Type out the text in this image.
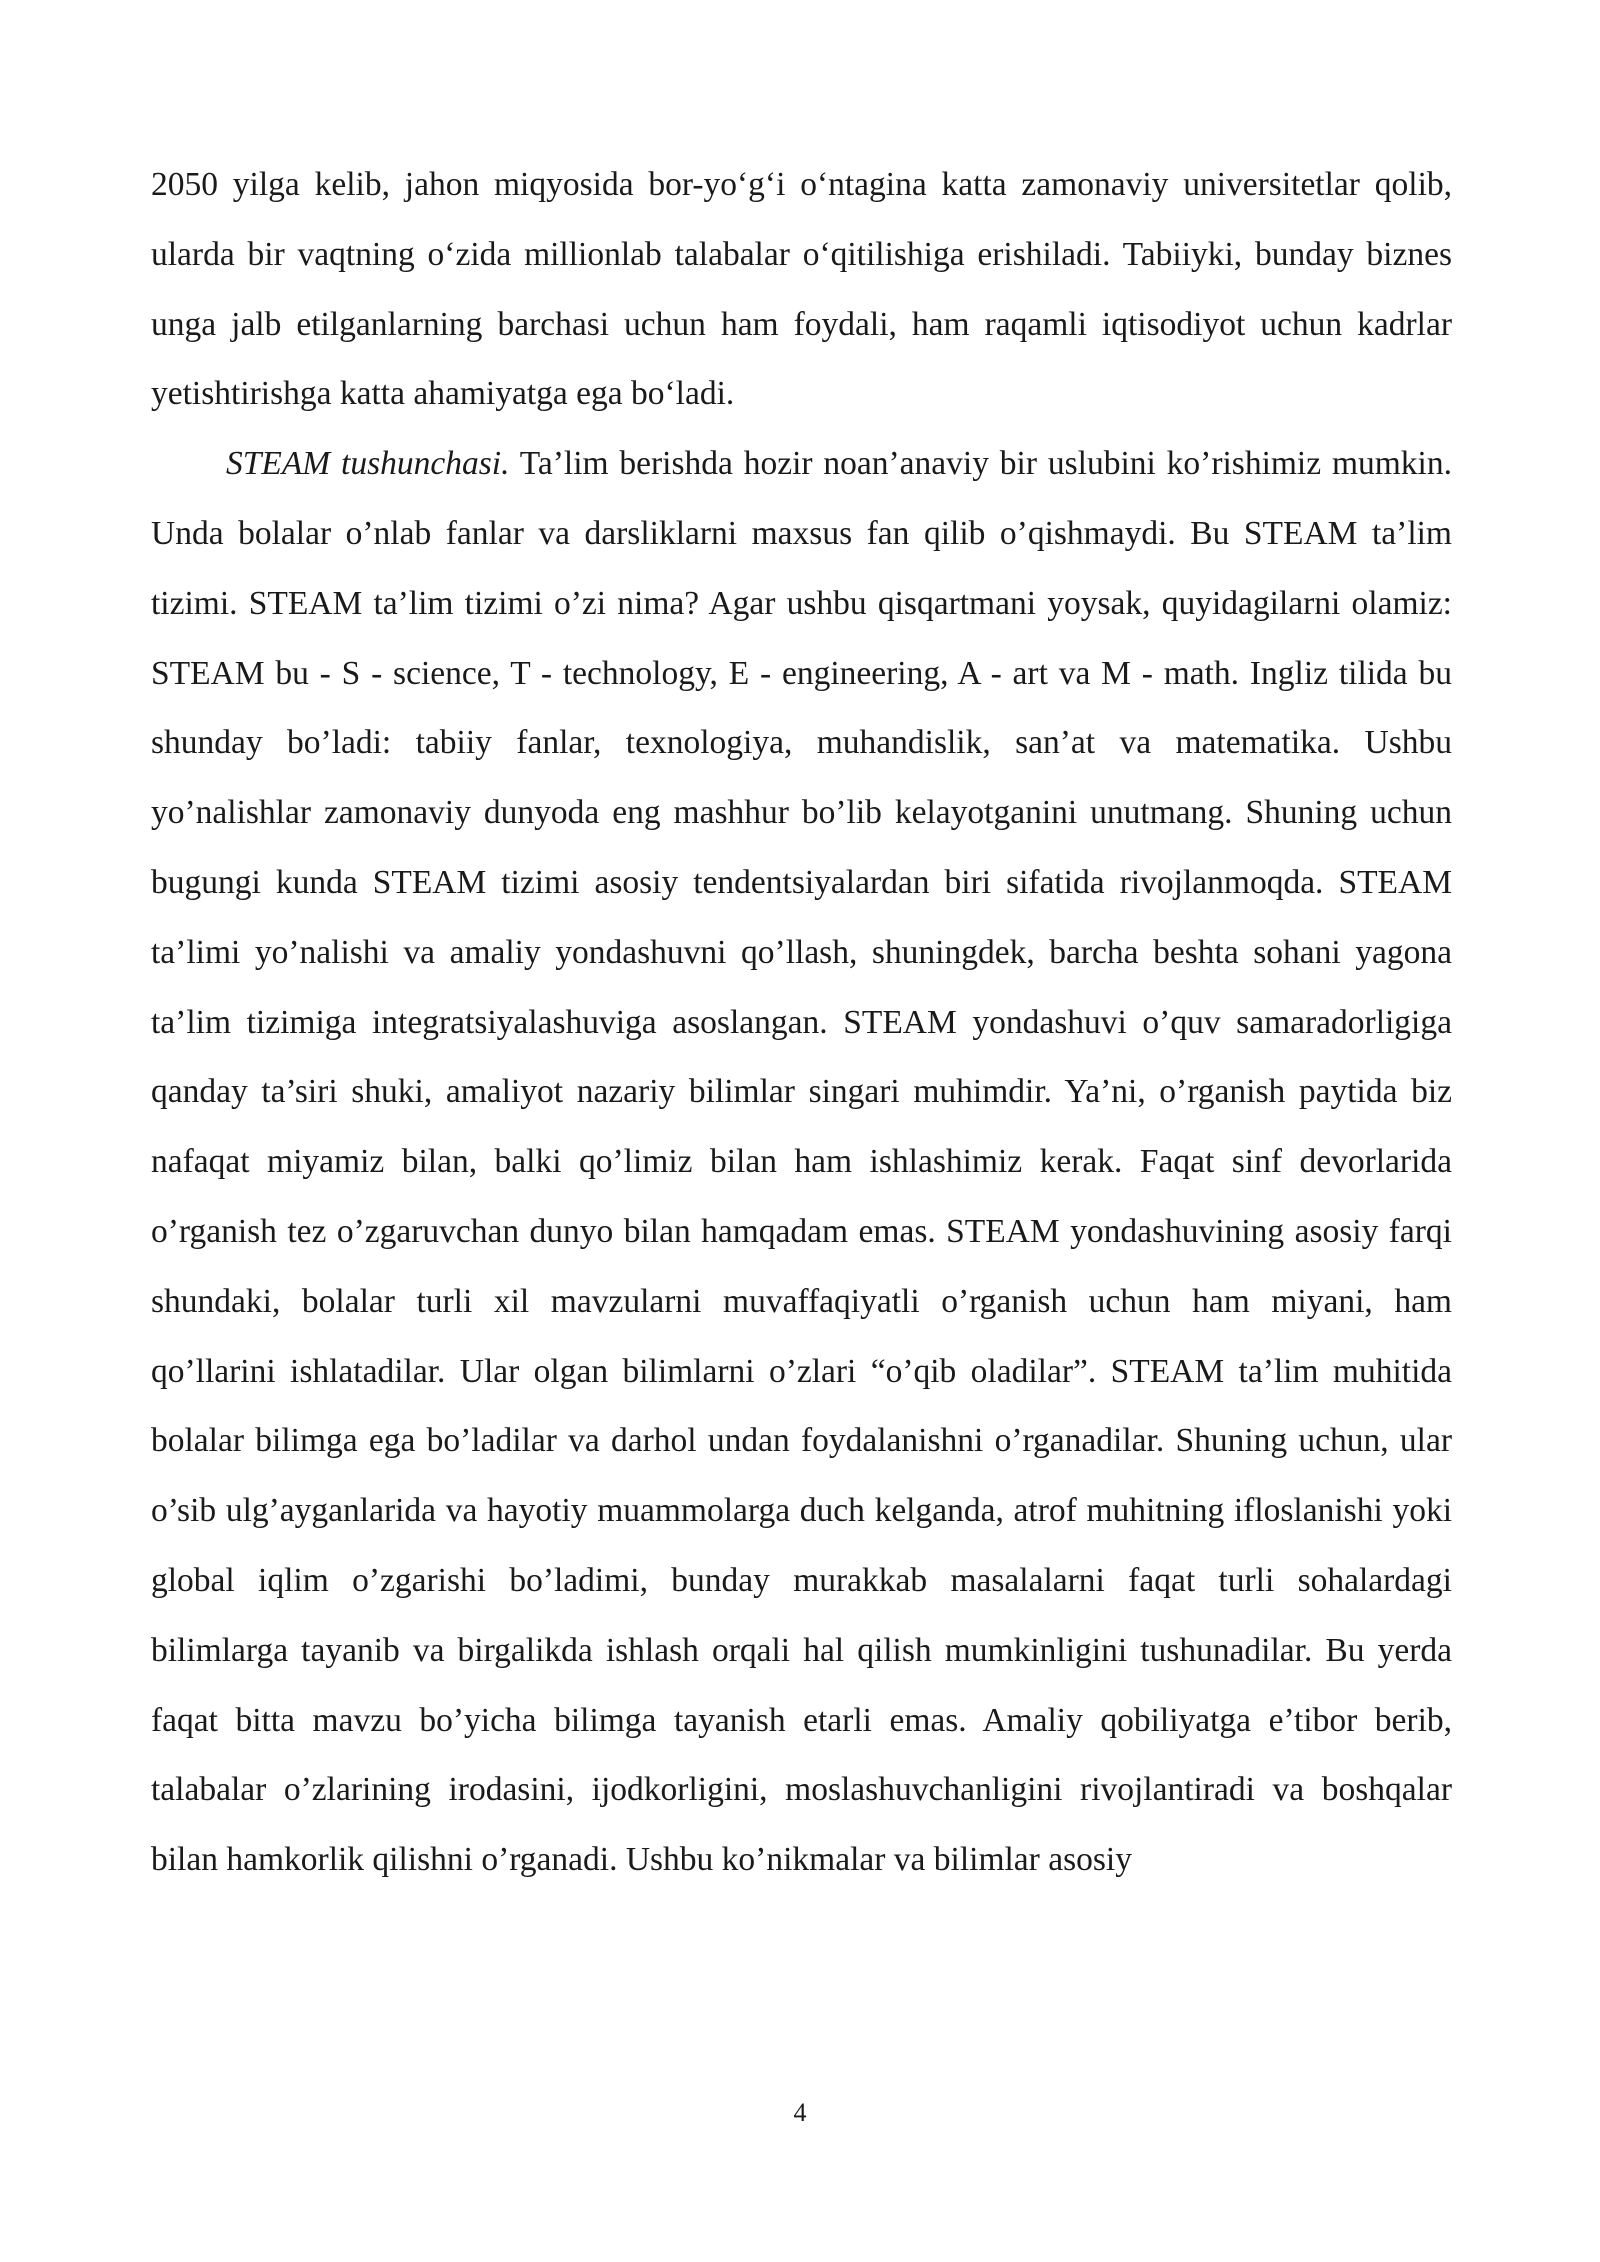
2050 yilga kelib, jahon miqyosida bor-yo‘g‘i o‘ntagina katta zamonaviy universitetlar qolib, ularda bir vaqtning o‘zida millionlab talabalar o‘qitilishiga erishiladi. Tabiiyki, bunday biznes unga jalb etilganlarning barchasi uchun ham foydali, ham raqamli iqtisodiyot uchun kadrlar yetishtirishga katta ahamiyatga ega bo‘ladi.

STEAM tushunchasi. Ta’lim berishda hozir noan’anaviy bir uslubini ko’rishimiz mumkin. Unda bolalar o’nlab fanlar va darsliklarni maxsus fan qilib o’qishmaydi. Bu STEAM ta’lim tizimi. STEAM ta’lim tizimi o’zi nima? Agar ushbu qisqartmani yoysak, quyidagilarni olamiz: STEAM bu - S - science, T - technology, E - engineering, A - art va M - math. Ingliz tilida bu shunday bo’ladi: tabiiy fanlar, texnologiya, muhandislik, san’at va matematika. Ushbu yo’nalishlar zamonaviy dunyoda eng mashhur bo’lib kelayotganini unutmang. Shuning uchun bugungi kunda STEAM tizimi asosiy tendentsiyalardan biri sifatida rivojlanmoqda. STEAM ta’limi yo’nalishi va amaliy yondashuvni qo’llash, shuningdek, barcha beshta sohani yagona ta’lim tizimiga integratsiyalashuviga asoslangan. STEAM yondashuvi o’quv samaradorligiga qanday ta’siri shuki, amaliyot nazariy bilimlar singari muhimdir. Ya’ni, o’rganish paytida biz nafaqat miyamiz bilan, balki qo’limiz bilan ham ishlashimiz kerak. Faqat sinf devorlarida o’rganish tez o’zgaruvchan dunyo bilan hamqadam emas. STEAM yondashuvining asosiy farqi shundaki, bolalar turli xil mavzularni muvaffaqiyatli o’rganish uchun ham miyani, ham qo’llarini ishlatadilar. Ular olgan bilimlarni o’zlari “o’qib oladilar”. STEAM ta’lim muhitida bolalar bilimga ega bo’ladilar va darhol undan foydalanishni o’rganadilar. Shuning uchun, ular o’sib ulg’ayganlarida va hayotiy muammolarga duch kelganda, atrof muhitning ifloslanishi yoki global iqlim o’zgarishi bo’ladimi, bunday murakkab masalalarni faqat turli sohalardagi bilimlarga tayanib va birgalikda ishlash orqali hal qilish mumkinligini tushunadilar. Bu yerda faqat bitta mavzu bo’yicha bilimga tayanish etarli emas. Amaliy qobiliyatga e’tibor berib, talabalar o’zlarining irodasini, ijodkorligini, moslashuvchanligini rivojlantiradi va boshqalar bilan hamkorlik qilishni o’rganadi. Ushbu ko’nikmalar va bilimlar asosiy

4
